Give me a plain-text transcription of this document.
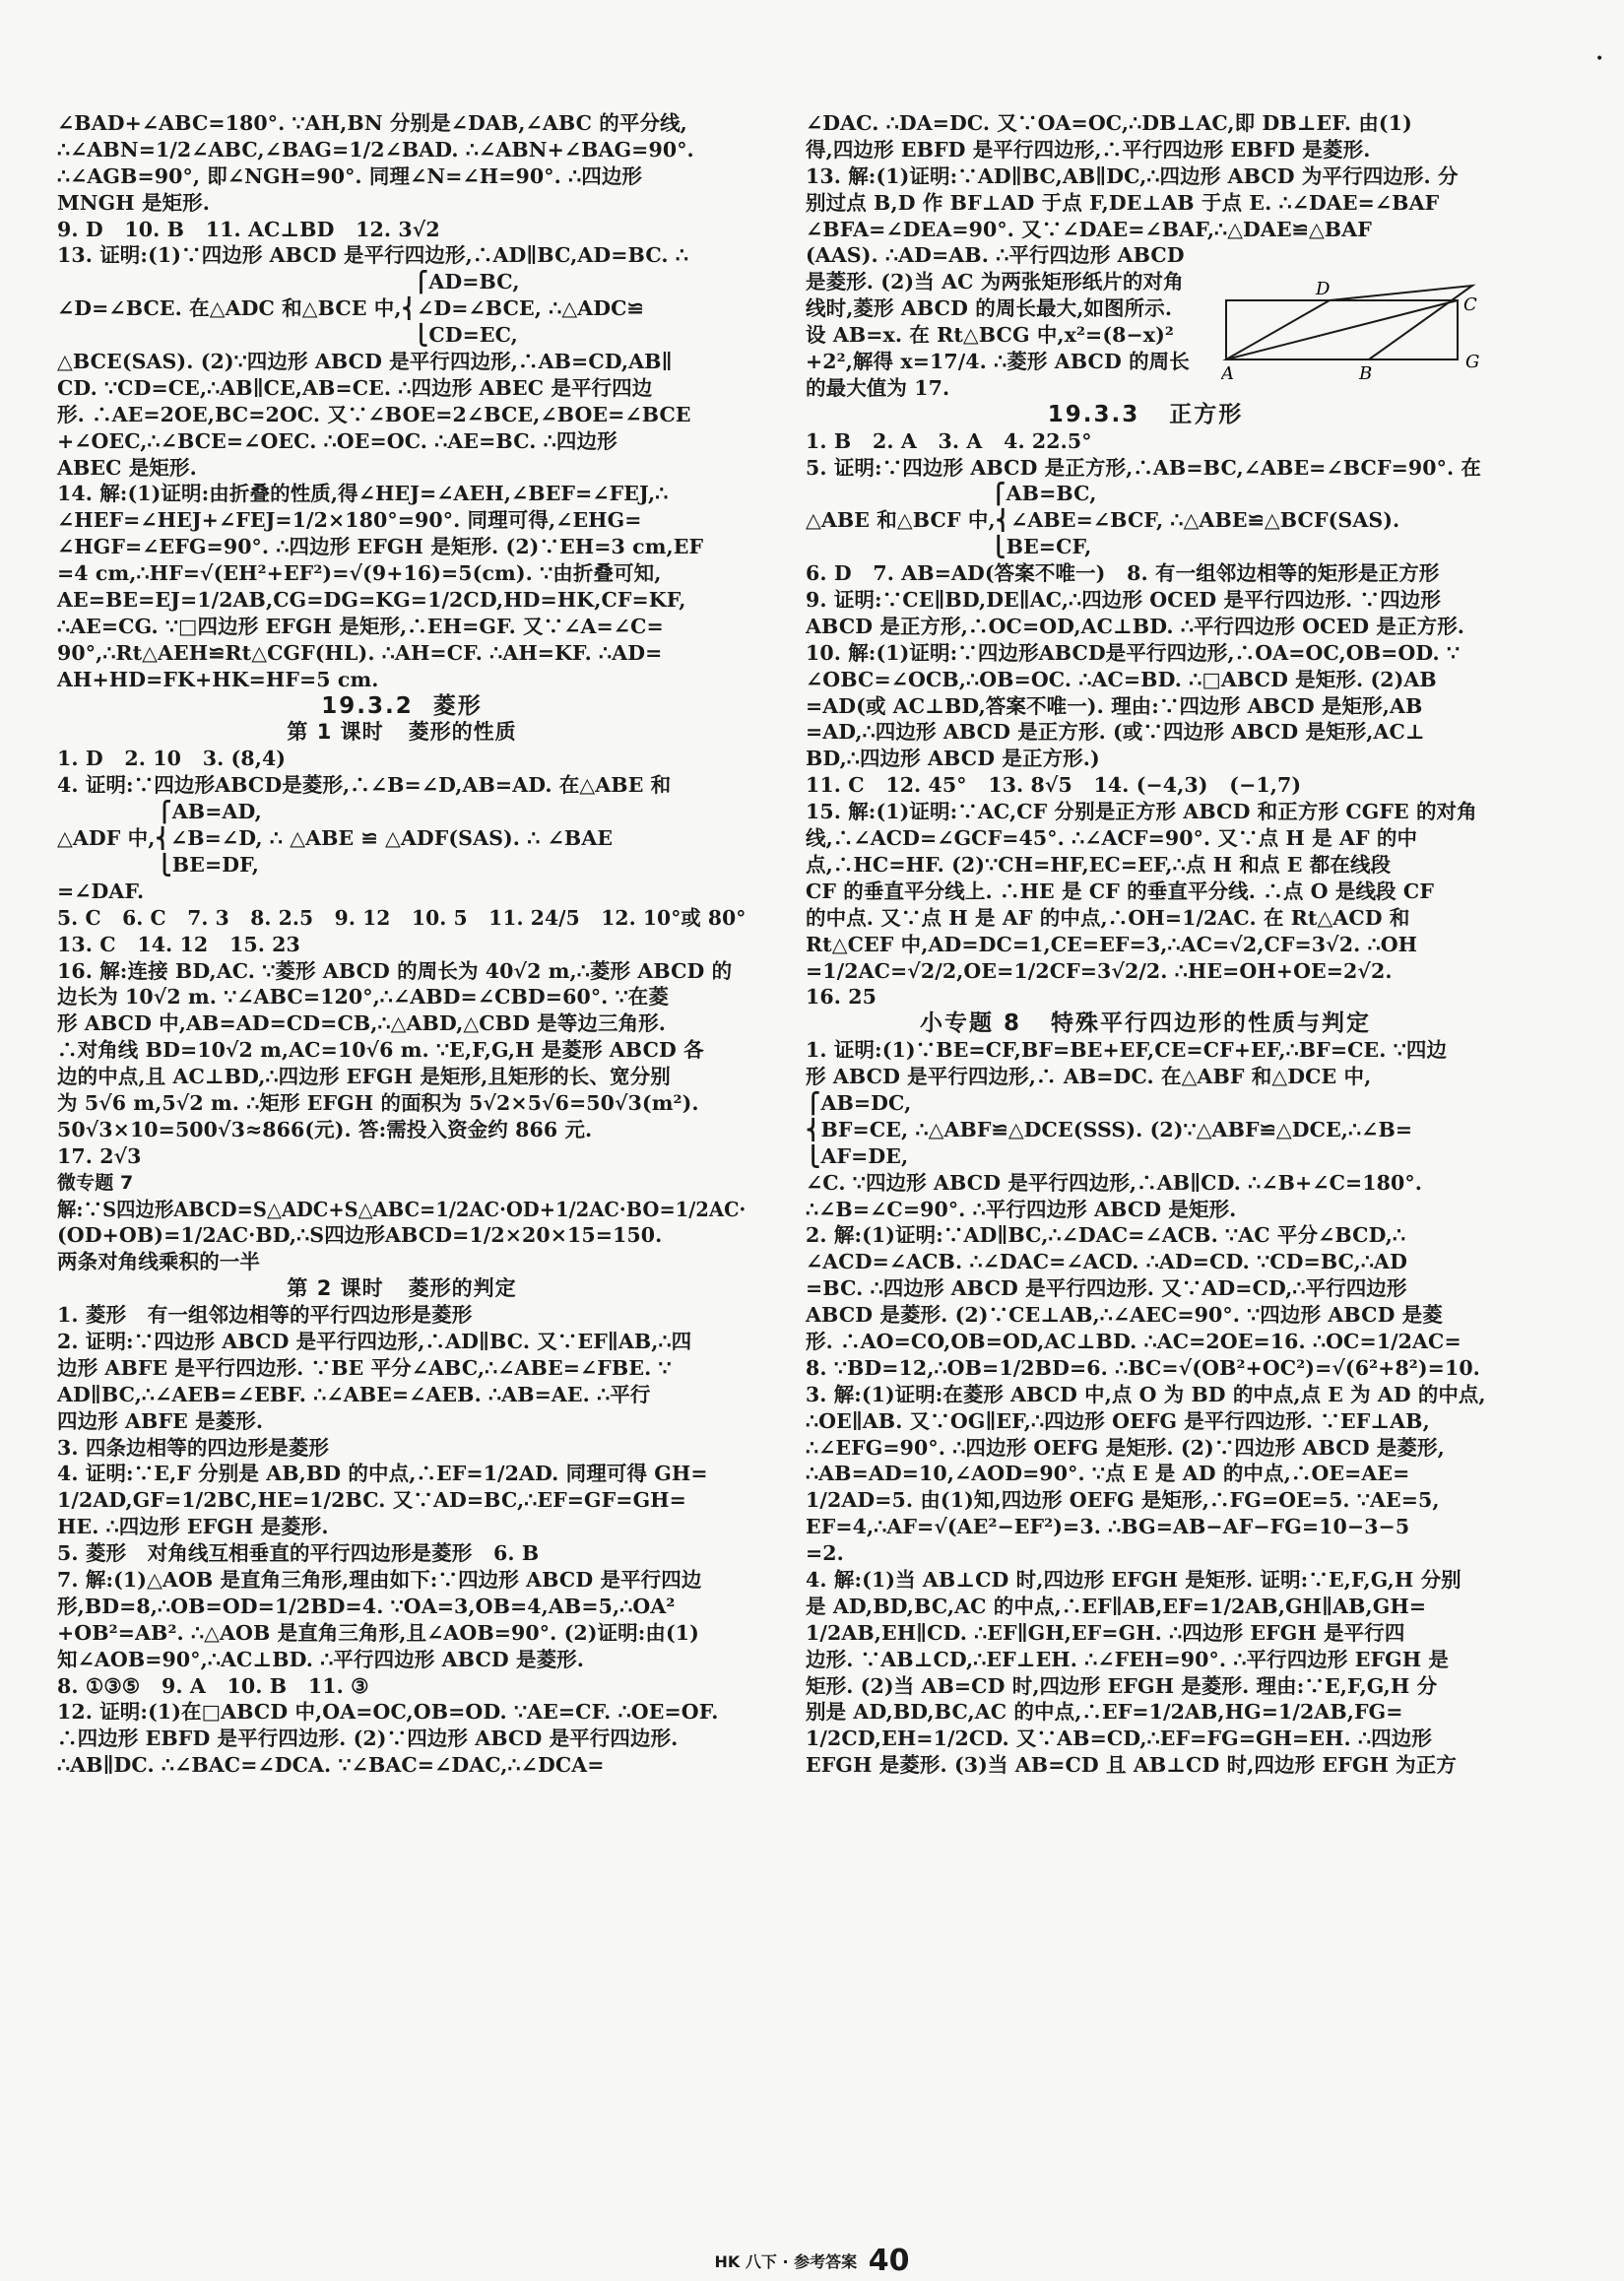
•
∠BAD+∠ABC=180°. ∵AH,BN 分别是∠DAB,∠ABC 的平分线,
∴∠ABN=1/2∠ABC,∠BAG=1/2∠BAD. ∴∠ABN+∠BAG=90°.
∴∠AGB=90°, 即∠NGH=90°. 同理∠N=∠H=90°. ∴四边形
MNGH 是矩形.
9. D   10. B   11. AC⊥BD   12. 3√2
13. 证明:(1)∵四边形 ABCD 是平行四边形,∴AD∥BC,AD=BC. ∴
⎧AD=BC,
∠D=∠BCE. 在△ADC 和△BCE 中,⎨∠D=∠BCE, ∴△ADC≌
⎩CD=EC,
△BCE(SAS). (2)∵四边形 ABCD 是平行四边形,∴AB=CD,AB∥
CD. ∵CD=CE,∴AB∥CE,AB=CE. ∴四边形 ABEC 是平行四边
形. ∴AE=2OE,BC=2OC. 又∵∠BOE=2∠BCE,∠BOE=∠BCE
+∠OEC,∴∠BCE=∠OEC. ∴OE=OC. ∴AE=BC. ∴四边形
ABEC 是矩形.
14. 解:(1)证明:由折叠的性质,得∠HEJ=∠AEH,∠BEF=∠FEJ,∴
∠HEF=∠HEJ+∠FEJ=1/2×180°=90°. 同理可得,∠EHG=
∠HGF=∠EFG=90°. ∴四边形 EFGH 是矩形. (2)∵EH=3 cm,EF
=4 cm,∴HF=√(EH²+EF²)=√(9+16)=5(cm). ∵由折叠可知,
AE=BE=EJ=1/2AB,CG=DG=KG=1/2CD,HD=HK,CF=KF,
∴AE=CG. ∵□四边形 EFGH 是矩形,∴EH=GF. 又∵∠A=∠C=
90°,∴Rt△AEH≌Rt△CGF(HL). ∴AH=CF. ∴AH=KF. ∴AD=
AH+HD=FK+HK=HF=5 cm.
19.3.2  菱形
第 1 课时   菱形的性质
1. D   2. 10   3. (8,4)
4. 证明:∵四边形ABCD是菱形,∴∠B=∠D,AB=AD. 在△ABE 和
⎧AB=AD,
△ADF 中,⎨∠B=∠D, ∴ △ABE ≌ △ADF(SAS). ∴ ∠BAE
⎩BE=DF,
=∠DAF.
5. C   6. C   7. 3   8. 2.5   9. 12   10. 5   11. 24/5   12. 10°或 80°
13. C   14. 12   15. 23
16. 解:连接 BD,AC. ∵菱形 ABCD 的周长为 40√2 m,∴菱形 ABCD 的
边长为 10√2 m. ∵∠ABC=120°,∴∠ABD=∠CBD=60°. ∵在菱
形 ABCD 中,AB=AD=CD=CB,∴△ABD,△CBD 是等边三角形.
∴对角线 BD=10√2 m,AC=10√6 m. ∵E,F,G,H 是菱形 ABCD 各
边的中点,且 AC⊥BD,∴四边形 EFGH 是矩形,且矩形的长、宽分别
为 5√6 m,5√2 m. ∴矩形 EFGH 的面积为 5√2×5√6=50√3(m²).
50√3×10=500√3≈866(元). 答:需投入资金约 866 元.
17. 2√3
微专题 7
解:∵S四边形ABCD=S△ADC+S△ABC=1/2AC·OD+1/2AC·BO=1/2AC·
(OD+OB)=1/2AC·BD,∴S四边形ABCD=1/2×20×15=150.
两条对角线乘积的一半
第 2 课时   菱形的判定
1. 菱形   有一组邻边相等的平行四边形是菱形
2. 证明:∵四边形 ABCD 是平行四边形,∴AD∥BC. 又∵EF∥AB,∴四
边形 ABFE 是平行四边形. ∵BE 平分∠ABC,∴∠ABE=∠FBE. ∵
AD∥BC,∴∠AEB=∠EBF. ∴∠ABE=∠AEB. ∴AB=AE. ∴平行
四边形 ABFE 是菱形.
3. 四条边相等的四边形是菱形
4. 证明:∵E,F 分别是 AB,BD 的中点,∴EF=1/2AD. 同理可得 GH=
1/2AD,GF=1/2BC,HE=1/2BC. 又∵AD=BC,∴EF=GF=GH=
HE. ∴四边形 EFGH 是菱形.
5. 菱形   对角线互相垂直的平行四边形是菱形   6. B
7. 解:(1)△AOB 是直角三角形,理由如下:∵四边形 ABCD 是平行四边
形,BD=8,∴OB=OD=1/2BD=4. ∵OA=3,OB=4,AB=5,∴OA²
+OB²=AB². ∴△AOB 是直角三角形,且∠AOB=90°. (2)证明:由(1)
知∠AOB=90°,∴AC⊥BD. ∴平行四边形 ABCD 是菱形.
8. ①③⑤   9. A   10. B   11. ③
12. 证明:(1)在□ABCD 中,OA=OC,OB=OD. ∵AE=CF. ∴OE=OF.
∴四边形 EBFD 是平行四边形. (2)∵四边形 ABCD 是平行四边形.
∴AB∥DC. ∴∠BAC=∠DCA. ∵∠BAC=∠DAC,∴∠DCA=
∠DAC. ∴DA=DC. 又∵OA=OC,∴DB⊥AC,即 DB⊥EF. 由(1)
得,四边形 EBFD 是平行四边形,∴平行四边形 EBFD 是菱形.
13. 解:(1)证明:∵AD∥BC,AB∥DC,∴四边形 ABCD 为平行四边形. 分
别过点 B,D 作 BF⊥AD 于点 F,DE⊥AB 于点 E. ∴∠DAE=∠BAF
∠BFA=∠DEA=90°. 又∵∠DAE=∠BAF,∴△DAE≌△BAF
(AAS). ∴AD=AB. ∴平行四边形 ABCD
是菱形. (2)当 AC 为两张矩形纸片的对角
线时,菱形 ABCD 的周长最大,如图所示.
设 AB=x. 在 Rt△BCG 中,x²=(8−x)²
+2²,解得 x=17/4. ∴菱形 ABCD 的周长
的最大值为 17.
19.3.3   正方形
1. B   2. A   3. A   4. 22.5°
5. 证明:∵四边形 ABCD 是正方形,∴AB=BC,∠ABE=∠BCF=90°. 在
⎧AB=BC,
△ABE 和△BCF 中,⎨∠ABE=∠BCF, ∴△ABE≌△BCF(SAS).
⎩BE=CF,
6. D   7. AB=AD(答案不唯一)   8. 有一组邻边相等的矩形是正方形
9. 证明:∵CE∥BD,DE∥AC,∴四边形 OCED 是平行四边形. ∵四边形
ABCD 是正方形,∴OC=OD,AC⊥BD. ∴平行四边形 OCED 是正方形.
10. 解:(1)证明:∵四边形ABCD是平行四边形,∴OA=OC,OB=OD. ∵
∠OBC=∠OCB,∴OB=OC. ∴AC=BD. ∴□ABCD 是矩形. (2)AB
=AD(或 AC⊥BD,答案不唯一). 理由:∵四边形 ABCD 是矩形,AB
=AD,∴四边形 ABCD 是正方形. (或∵四边形 ABCD 是矩形,AC⊥
BD,∴四边形 ABCD 是正方形.)
11. C   12. 45°   13. 8√5   14. (−4,3)   (−1,7)
15. 解:(1)证明:∵AC,CF 分别是正方形 ABCD 和正方形 CGFE 的对角
线,∴∠ACD=∠GCF=45°. ∴∠ACF=90°. 又∵点 H 是 AF 的中
点,∴HC=HF. (2)∵CH=HF,EC=EF,∴点 H 和点 E 都在线段
CF 的垂直平分线上. ∴HE 是 CF 的垂直平分线. ∴点 O 是线段 CF
的中点. 又∵点 H 是 AF 的中点,∴OH=1/2AC. 在 Rt△ACD 和
Rt△CEF 中,AD=DC=1,CE=EF=3,∴AC=√2,CF=3√2. ∴OH
=1/2AC=√2/2,OE=1/2CF=3√2/2. ∴HE=OH+OE=2√2.
16. 25
小专题 8   特殊平行四边形的性质与判定
1. 证明:(1)∵BE=CF,BF=BE+EF,CE=CF+EF,∴BF=CE. ∵四边
形 ABCD 是平行四边形,∴ AB=DC. 在△ABF 和△DCE 中,
⎧AB=DC,
⎨BF=CE, ∴△ABF≌△DCE(SSS). (2)∵△ABF≌△DCE,∴∠B=
⎩AF=DE,
∠C. ∵四边形 ABCD 是平行四边形,∴AB∥CD. ∴∠B+∠C=180°.
∴∠B=∠C=90°. ∴平行四边形 ABCD 是矩形.
2. 解:(1)证明:∵AD∥BC,∴∠DAC=∠ACB. ∵AC 平分∠BCD,∴
∠ACD=∠ACB. ∴∠DAC=∠ACD. ∴AD=CD. ∵CD=BC,∴AD
=BC. ∴四边形 ABCD 是平行四边形. 又∵AD=CD,∴平行四边形
ABCD 是菱形. (2)∵CE⊥AB,∴∠AEC=90°. ∵四边形 ABCD 是菱
形. ∴AO=CO,OB=OD,AC⊥BD. ∴AC=2OE=16. ∴OC=1/2AC=
8. ∵BD=12,∴OB=1/2BD=6. ∴BC=√(OB²+OC²)=√(6²+8²)=10.
3. 解:(1)证明:在菱形 ABCD 中,点 O 为 BD 的中点,点 E 为 AD 的中点,
∴OE∥AB. 又∵OG∥EF,∴四边形 OEFG 是平行四边形. ∵EF⊥AB,
∴∠EFG=90°. ∴四边形 OEFG 是矩形. (2)∵四边形 ABCD 是菱形,
∴AB=AD=10,∠AOD=90°. ∵点 E 是 AD 的中点,∴OE=AE=
1/2AD=5. 由(1)知,四边形 OEFG 是矩形,∴FG=OE=5. ∵AE=5,
EF=4,∴AF=√(AE²−EF²)=3. ∴BG=AB−AF−FG=10−3−5
=2.
4. 解:(1)当 AB⊥CD 时,四边形 EFGH 是矩形. 证明:∵E,F,G,H 分别
是 AD,BD,BC,AC 的中点,∴EF∥AB,EF=1/2AB,GH∥AB,GH=
1/2AB,EH∥CD. ∴EF∥GH,EF=GH. ∴四边形 EFGH 是平行四
边形. ∵AB⊥CD,∴EF⊥EH. ∴∠FEH=90°. ∴平行四边形 EFGH 是
矩形. (2)当 AB=CD 时,四边形 EFGH 是菱形. 理由:∵E,F,G,H 分
别是 AD,BD,BC,AC 的中点,∴EF=1/2AB,HG=1/2AB,FG=
1/2CD,EH=1/2CD. 又∵AB=CD,∴EF=FG=GH=EH. ∴四边形
EFGH 是菱形. (3)当 AB=CD 且 AB⊥CD 时,四边形 EFGH 为正方
A	B
C
D
G
HK 八下 · 参考答案 40
